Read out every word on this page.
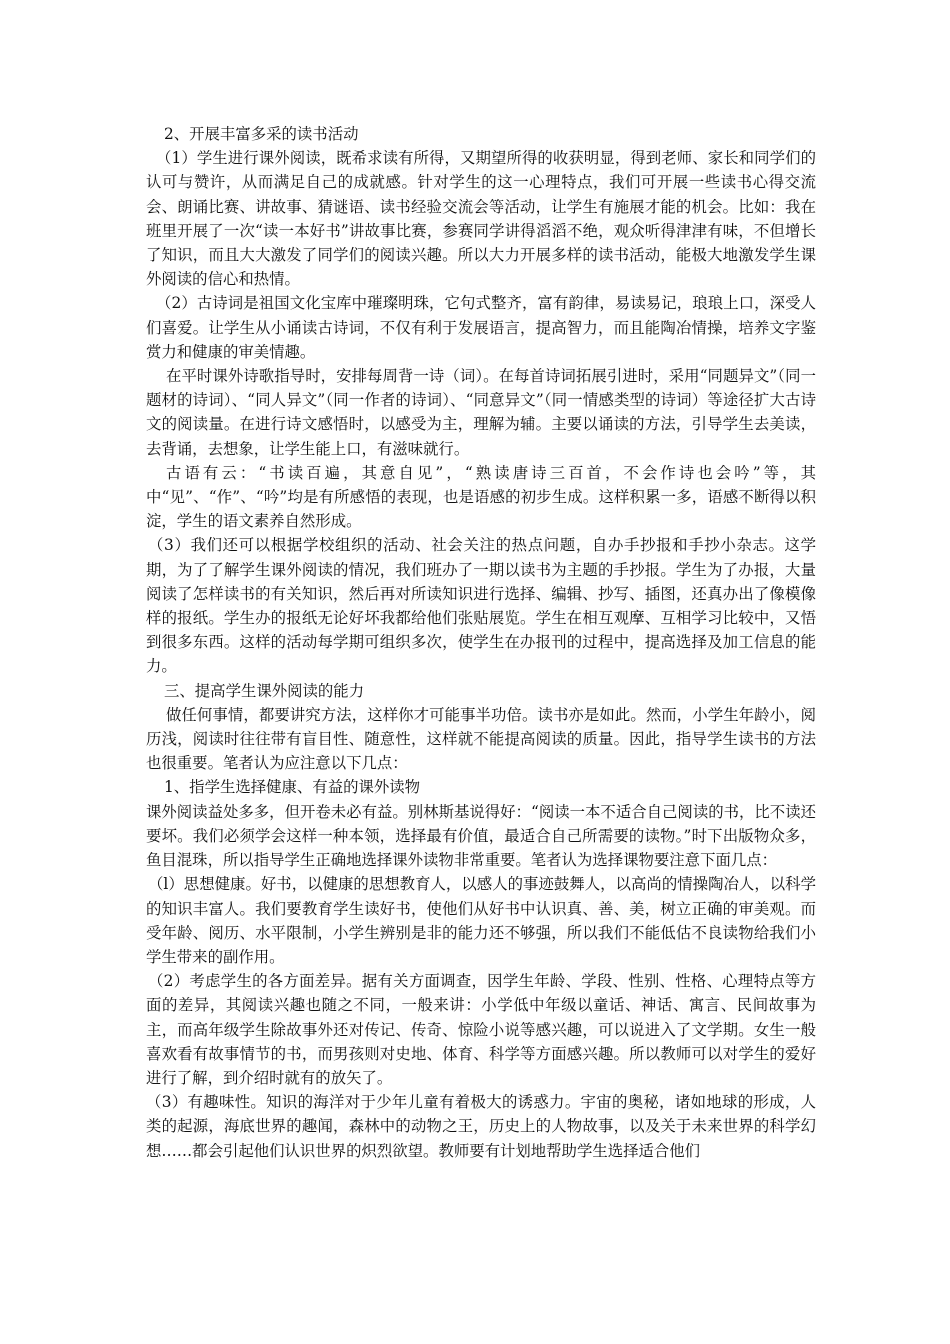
2、开展丰富多采的读书活动

（1）学生进行课外阅读，既希求读有所得，又期望所得的收获明显，得到老师、家长和同学们的认可与赞许，从而满足自己的成就感。针对学生的这一心理特点，我们可开展一些读书心得交流会、朗诵比赛、讲故事、猜谜语、读书经验交流会等活动，让学生有施展才能的机会。比如：我在班里开展了一次“读一本好书”讲故事比赛，参赛同学讲得滔滔不绝，观众听得津津有味，不但增长了知识，而且大大激发了同学们的阅读兴趣。所以大力开展多样的读书活动，能极大地激发学生课外阅读的信心和热情。

（2）古诗词是祖国文化宝库中璀璨明珠，它句式整齐，富有韵律，易读易记，琅琅上口，深受人们喜爱。让学生从小诵读古诗词，不仅有利于发展语言，提高智力，而且能陶冶情操，培养文字鉴赏力和健康的审美情趣。

在平时课外诗歌指导时，安排每周背一诗（词）。在每首诗词拓展引进时，采用“同题异文”（同一题材的诗词）、“同人异文”（同一作者的诗词）、“同意异文”（同一情感类型的诗词）等途径扩大古诗文的阅读量。在进行诗文感悟时，以感受为主，理解为辅。主要以诵读的方法，引导学生去美读，去背诵，去想象，让学生能上口，有滋味就行。

古语有云：“书读百遍，其意自见”，“熟读唐诗三百首，不会作诗也会吟”等，其中“见”、“作”、“吟”均是有所感悟的表现，也是语感的初步生成。这样积累一多，语感不断得以积淀，学生的语文素养自然形成。

（3）我们还可以根据学校组织的活动、社会关注的热点问题，自办手抄报和手抄小杂志。这学期，为了了解学生课外阅读的情况，我们班办了一期以读书为主题的手抄报。学生为了办报，大量阅读了怎样读书的有关知识，然后再对所读知识进行选择、编辑、抄写、插图，还真办出了像模像样的报纸。学生办的报纸无论好坏我都给他们张贴展览。学生在相互观摩、互相学习比较中，又悟到很多东西。这样的活动每学期可组织多次，使学生在办报刊的过程中，提高选择及加工信息的能力。

三、提高学生课外阅读的能力

做任何事情，都要讲究方法，这样你才可能事半功倍。读书亦是如此。然而，小学生年龄小，阅历浅，阅读时往往带有盲目性、随意性，这样就不能提高阅读的质量。因此，指导学生读书的方法也很重要。笔者认为应注意以下几点：

1、指学生选择健康、有益的课外读物

课外阅读益处多多，但开卷未必有益。别林斯基说得好：“阅读一本不适合自己阅读的书，比不读还要坏。我们必须学会这样一种本领，选择最有价值，最适合自己所需要的读物。”时下出版物众多，鱼目混珠，所以指导学生正确地选择课外读物非常重要。笔者认为选择课物要注意下面几点：

（l）思想健康。好书，以健康的思想教育人，以感人的事迹鼓舞人，以高尚的情操陶冶人，以科学的知识丰富人。我们要教育学生读好书，使他们从好书中认识真、善、美，树立正确的审美观。而受年龄、阅历、水平限制，小学生辨别是非的能力还不够强，所以我们不能低估不良读物给我们小学生带来的副作用。

（2）考虑学生的各方面差异。据有关方面调查，因学生年龄、学段、性别、性格、心理特点等方面的差异，其阅读兴趣也随之不同，一般来讲：小学低中年级以童话、神话、寓言、民间故事为主，而高年级学生除故事外还对传记、传奇、惊险小说等感兴趣，可以说进入了文学期。女生一般喜欢看有故事情节的书，而男孩则对史地、体育、科学等方面感兴趣。所以教师可以对学生的爱好进行了解，到介绍时就有的放矢了。

（3）有趣味性。知识的海洋对于少年儿童有着极大的诱惑力。宇宙的奥秘，诸如地球的形成，人类的起源，海底世界的趣闻，森林中的动物之王，历史上的人物故事，以及关于未来世界的科学幻想……都会引起他们认识世界的炽烈欲望。教师要有计划地帮助学生选择适合他们
